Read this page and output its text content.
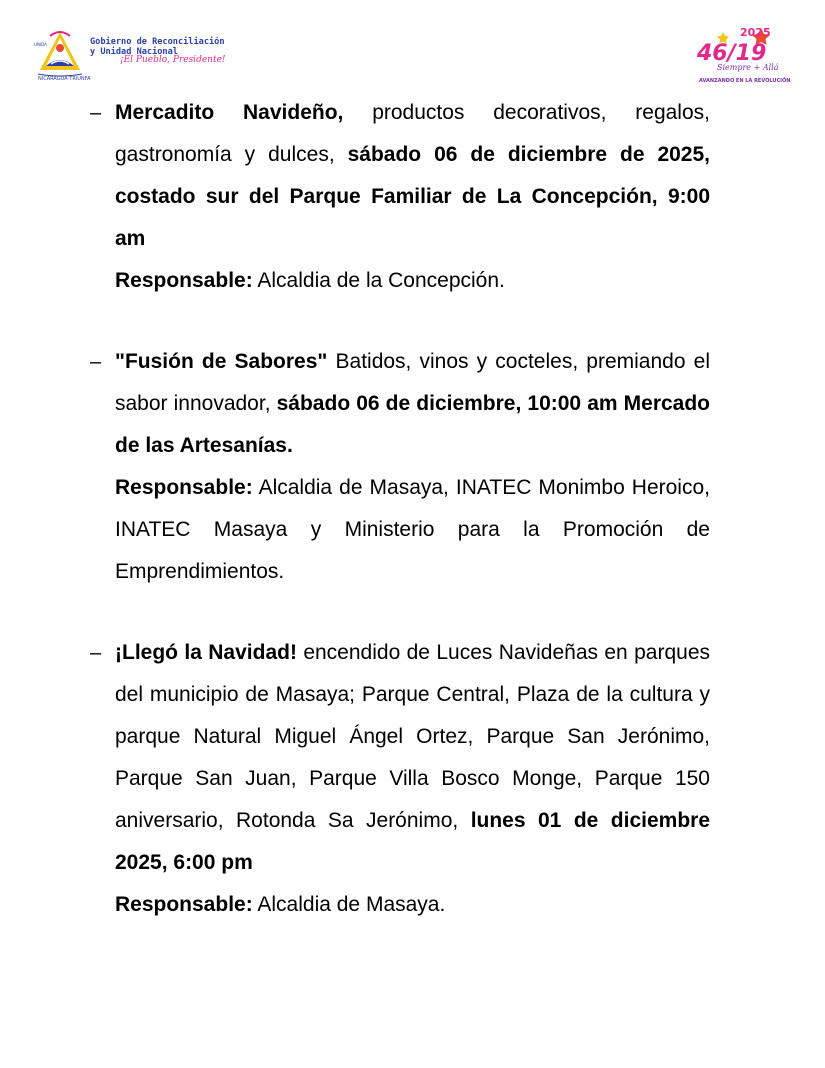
NICARAGUA TRIUNFA
UNIDA	Gobierno de Reconciliación
y Unidad Nacional
¡El Pueblo, Presidente!
2025
46/19
Siempre + Allá
AVANZANDO EN LA REVOLUCIÓN
– Mercadito Navideño, productos decorativos, regalos, gastronomía y dulces, sábado 06 de diciembre de 2025, costado sur del Parque Familiar de La Concepción, 9:00 am

Responsable: Alcaldia de la Concepción.

– "Fusión de Sabores" Batidos, vinos y cocteles, premiando el sabor innovador, sábado 06 de diciembre, 10:00 am Mercado de las Artesanías.

Responsable: Alcaldia de Masaya, INATEC Monimbo Heroico, INATEC Masaya y Ministerio para la Promoción de Emprendimientos.

– ¡Llegó la Navidad! encendido de Luces Navideñas en parques del municipio de Masaya; Parque Central, Plaza de la cultura y parque Natural Miguel Ángel Ortez, Parque San Jerónimo, Parque San Juan, Parque Villa Bosco Monge, Parque 150 aniversario, Rotonda Sa Jerónimo, lunes 01 de diciembre 2025, 6:00 pm

Responsable: Alcaldia de Masaya.
